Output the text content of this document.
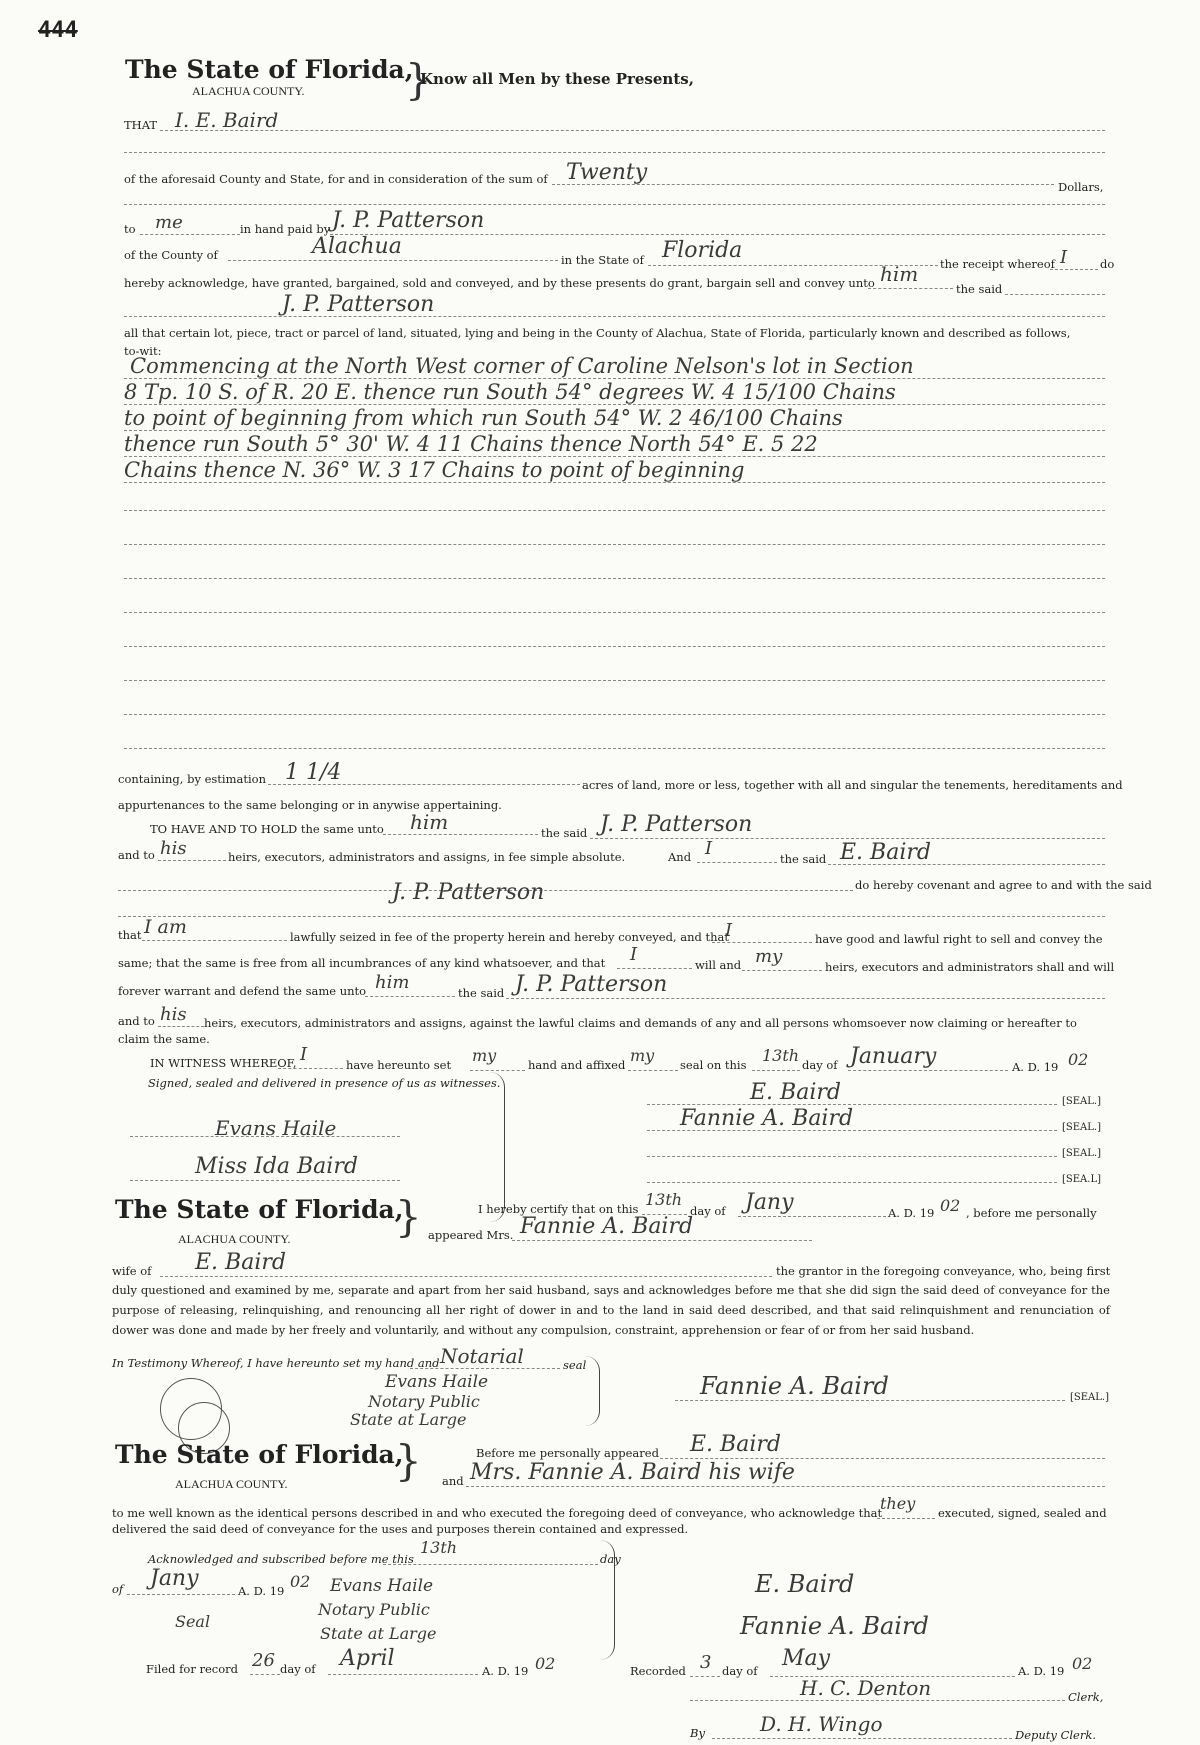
444
The State of Florida,
ALACHUA COUNTY. }
Know all Men by these Presents,
THAT I. E. Baird
of the aforesaid County and State, for and in consideration of the sum of Twenty
Dollars,
to me	in hand paid by J. P. Patterson
of the County of	Alachua
in the State of Florida
the receipt whereof I	do
hereby acknowledge, have granted, bargained, sold and conveyed, and by these presents do grant, bargain sell and convey unto him
the said
J. P. Patterson
all that certain lot, piece, tract or parcel of land, situated, lying and being in the County of Alachua, State of Florida, particularly known and described as follows,
to-wit:
Commencing at the North West corner of Caroline Nelson's lot in Section
8 Tp. 10 S. of R. 20 E. thence run South 54° degrees W. 4 15/100 Chains
to point of beginning from which run South 54° W. 2 46/100 Chains
thence run South 5° 30' W. 4 11 Chains thence North 54° E. 5 22
Chains thence N. 36° W. 3 17 Chains to point of beginning
containing, by estimation 1 1/4	acres of land, more or less, together with all and singular the tenements, hereditaments and
appurtenances to the same belonging or in anywise appertaining.
TO HAVE AND TO HOLD the same unto him	the said J. P. Patterson
and to his	heirs, executors, administrators and assigns, in fee simple absolute.	And I	the said E. Baird
do hereby covenant and agree to and with the said
J. P. Patterson
that I am	lawfully seized in fee of the property herein and hereby conveyed, and that
I	have good and lawful right to sell and convey the
same; that the same is free from all incumbrances of any kind whatsoever, and that I	will and my	heirs, executors and administrators shall and will
forever warrant and defend the same unto him	the said J. P. Patterson
and to his heirs, executors, administrators and assigns, against the lawful claims and demands of any and all persons whomsoever now claiming or hereafter to
claim the same.
IN WITNESS WHEREOF, I	have hereunto set my	hand and affixed my seal on this 13th day of January	A. D. 19 02
Signed, sealed and delivered in presence of us as witnesses.
Evans Haile
Miss Ida Baird
E. Baird	[SEAL.]
Fannie A. Baird	[SEAL.]
[SEAL.]
[SEA.L]
The State of Florida,
ALACHUA COUNTY. }	I hereby certify that on this 13th
day of Jany	A. D. 19 02 , before me personally
appeared Mrs. Fannie A. Baird
wife of E. Baird	the grantor in the foregoing conveyance, who, being first
duly questioned and examined by me, separate and apart from her said husband, says and acknowledges before me that she did sign the said deed of conveyance for the purpose of releasing, relinquishing, and renouncing all her right of dower in and to the land in said deed described, and that said relinquishment and renunciation of dower was done and made by her freely and voluntarily, and without any compulsion, constraint, apprehension or fear of or from her said husband.
In Testimony Whereof, I have hereunto set my hand and Notarial	seal
Evans Haile
Notary Public
State at Large
Fannie A. Baird	[SEAL.]
The State of Florida,
ALACHUA COUNTY.	}	Before me personally appeared E. Baird
and Mrs. Fannie A. Baird his wife
to me well known as the identical persons described in and who executed the foregoing deed of conveyance, who acknowledge that
they executed, signed, sealed and
delivered the said deed of conveyance for the uses and purposes therein contained and expressed.
Acknowledged and subscribed before me this
13th
day
of Jany	A. D. 19 02 Evans Haile
Notary Public
State at Large
Seal
E. Baird
Fannie A. Baird
Filed for record 26 day of April	A. D. 19 02	Recorded 3 day of May	A. D. 19 02
H. C. Denton	Clerk,
By	D. H. Wingo	Deputy Clerk.
